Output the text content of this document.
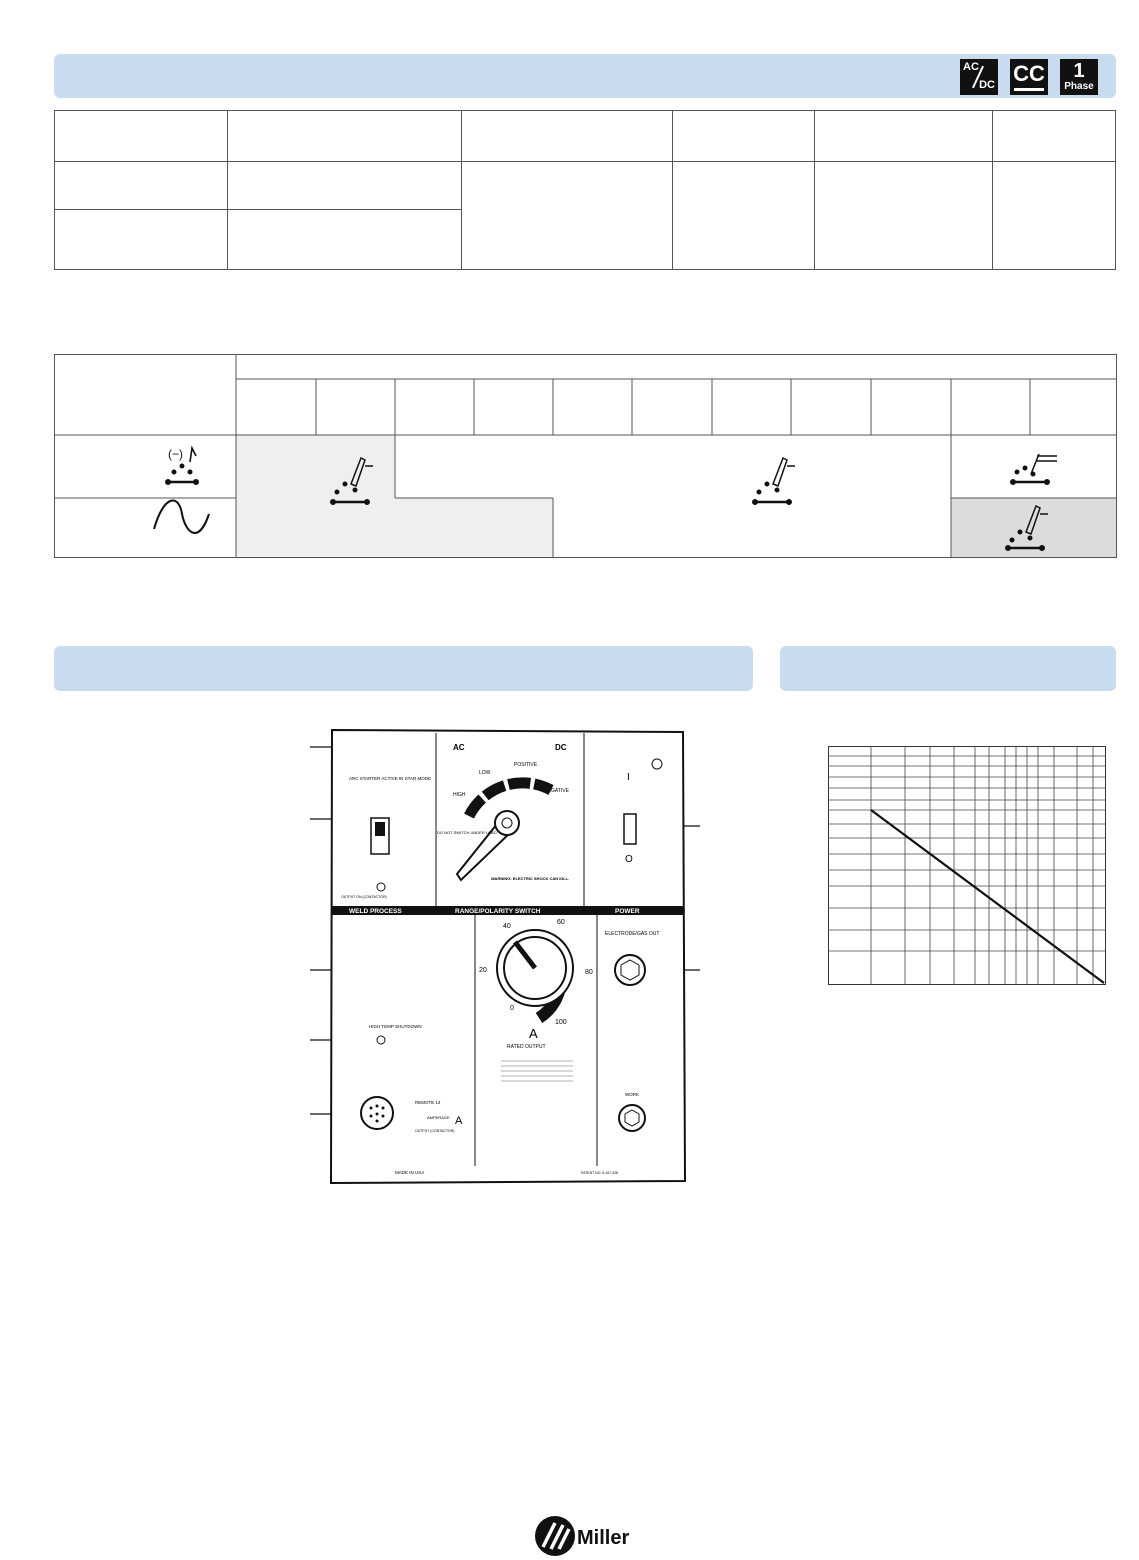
AC
DC CC	1
Phase

(−)
AC	DC
HIGH
LOW
POSITIVE
NEGATIVE
DO NOT SWITCH UNDER LOAD
WARNING: ELECTRIC SHOCK CAN KILL.
ARC STARTER ACTIVE IN STAR MODE
OUTPUT ON (CONTACTOR)
I
O
WELD PROCESS	RANGE/POLARITY SWITCH	POWER
0
20
40
60
80
100
A
RATED OUTPUT
ELECTRODE/GAS OUT
HIGH TEMP SHUTDOWN
REMOTE 14
AMPERAGE A
OUTPUT (CONTACTOR)
WORK
MADE IN USA	PATENT NO. 6,167,328
Miller
